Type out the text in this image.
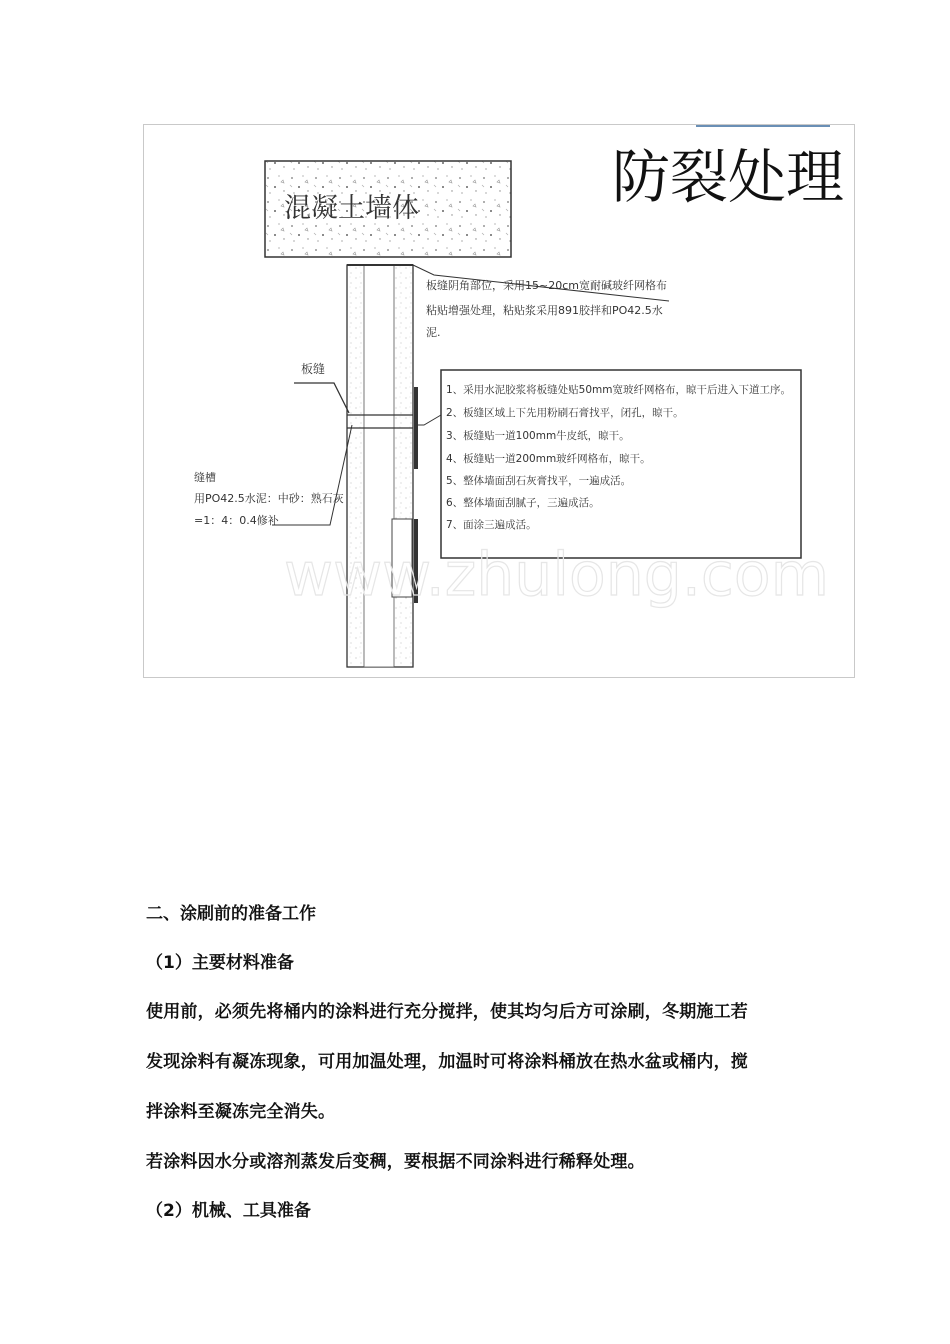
混凝土墙体	防裂处理
板缝阴角部位，采用15~20cm宽耐碱玻纤网格布 粘贴增强处理，粘贴浆采用891胶拌和PO42.5水 泥.
板缝
缝槽 用PO42.5水泥：中砂：熟石灰 =1：4：0.4修补
1、采用水泥胶浆将板缝处贴50mm宽玻纤网格布，晾干后进入下道工序。 2、板缝区域上下先用粉刷石膏找平，闭孔，晾干。 3、板缝贴一道100mm牛皮纸，晾干。 4、板缝贴一道200mm玻纤网格布，晾干。 5、整体墙面刮石灰膏找平，一遍成活。 6、整体墙面刮腻子，三遍成活。 7、面涂三遍成活。
www.zhulong.com
二、涂刷前的准备工作
（1）主要材料准备
使用前，必须先将桶内的涂料进行充分搅拌，使其均匀后方可涂刷，冬期施工若
发现涂料有凝冻现象，可用加温处理，加温时可将涂料桶放在热水盆或桶内，搅
拌涂料至凝冻完全消失。
若涂料因水分或溶剂蒸发后变稠，要根据不同涂料进行稀释处理。
（2）机械、工具准备
